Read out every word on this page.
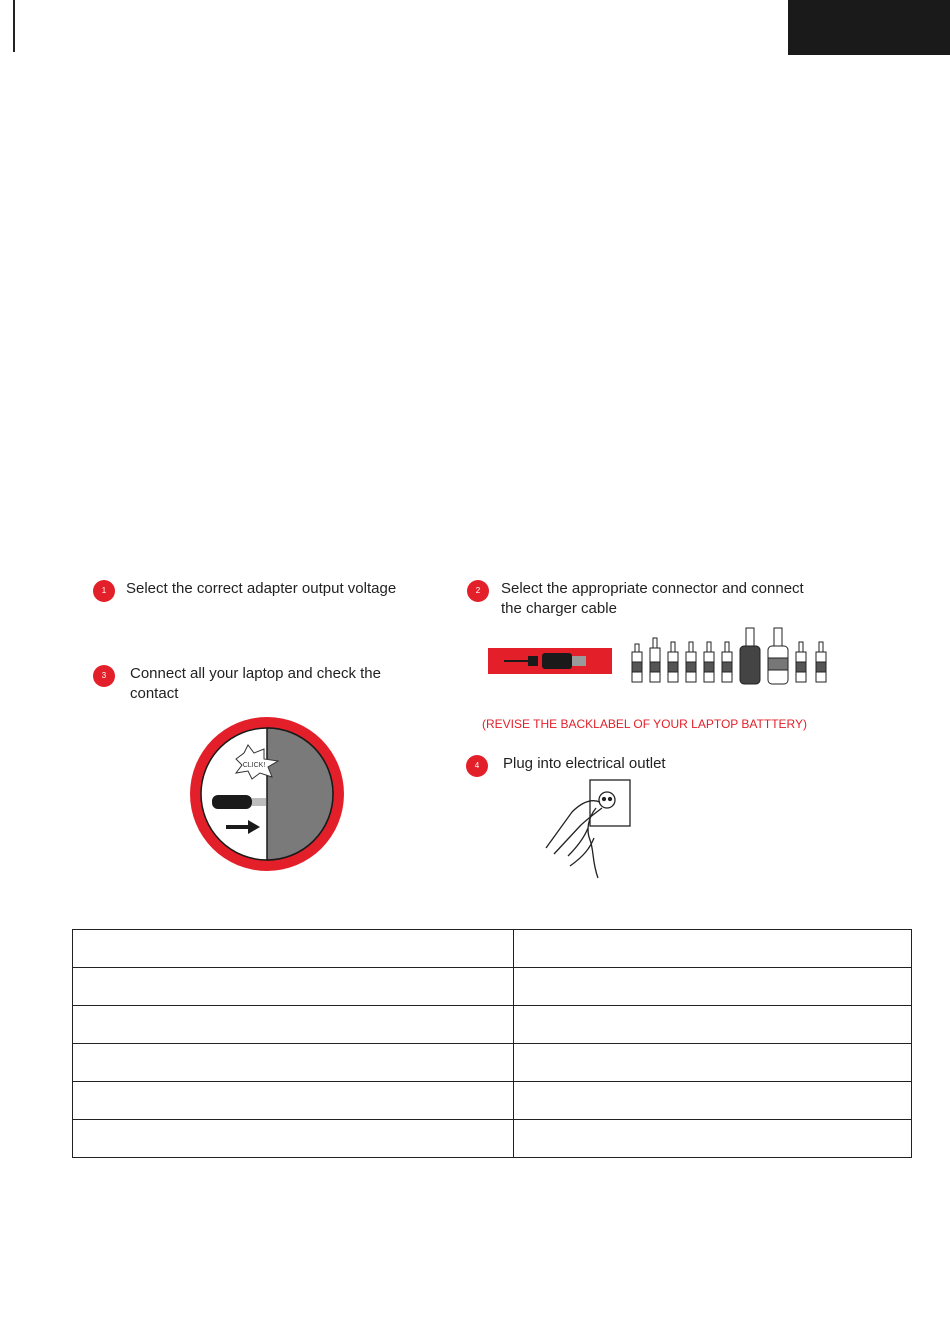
1	Select the correct adapter output voltage	2	Select the appropriate connector and connect
the charger cable
(REVISE THE BACKLABEL OF YOUR LAPTOP BATTTERY)
3	Connect all your laptop and check the
contact
CLICK!	4	Plug into electrical outlet
